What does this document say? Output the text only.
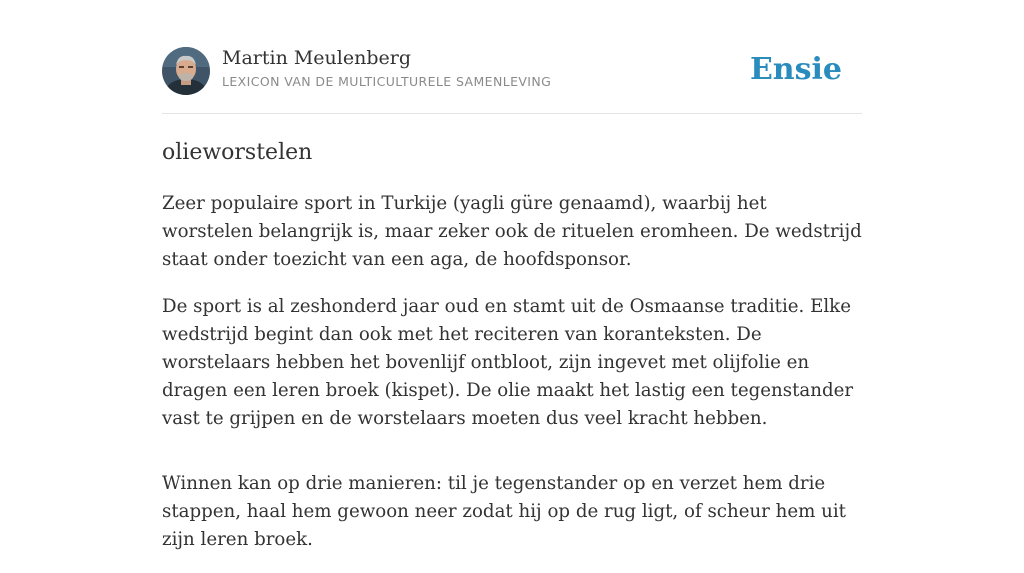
Martin Meulenberg
LEXICON VAN DE MULTICULTURELE SAMENLEVING	Ensie
olieworstelen

Zeer populaire sport in Turkije (yagli güre genaamd), waarbij het worstelen belangrijk is, maar zeker ook de rituelen eromheen. De wedstrijd staat onder toezicht van een aga, de hoofdsponsor.

De sport is al zeshonderd jaar oud en stamt uit de Osmaanse traditie. Elke wedstrijd begint dan ook met het reciteren van koranteksten. De worstelaars hebben het bovenlijf ontbloot, zijn ingevet met olijfolie en dragen een leren broek (kispet). De olie maakt het lastig een tegenstander vast te grijpen en de worstelaars moeten dus veel kracht hebben.

Winnen kan op drie manieren: til je tegenstander op en verzet hem drie stappen, haal hem gewoon neer zodat hij op de rug ligt, of scheur hem uit zijn leren broek.
